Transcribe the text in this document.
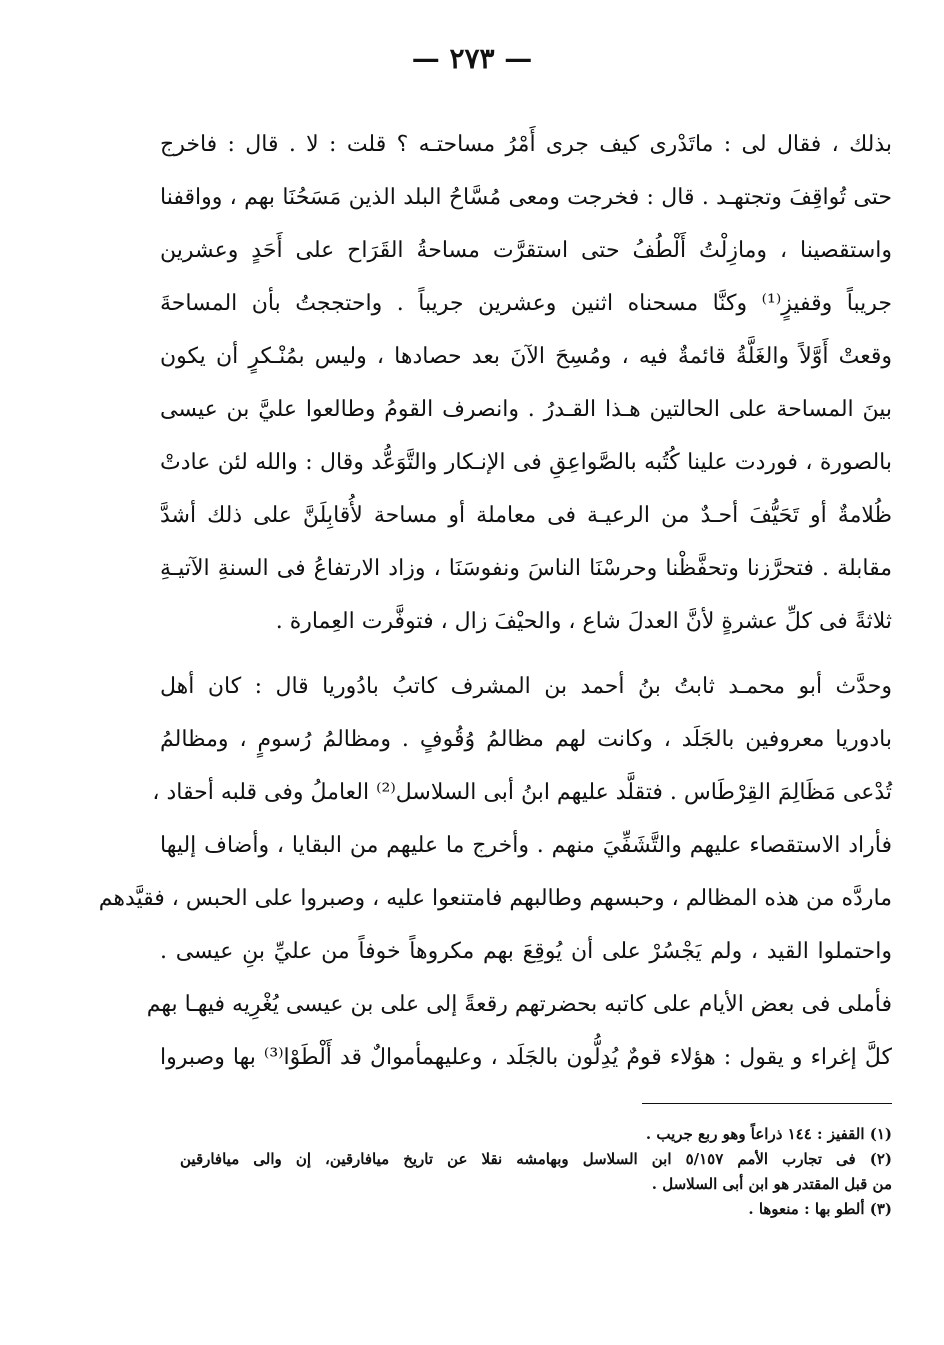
— ٢٧٣ —

بذلك ، فقال لى : ماتَدْرى كيف جرى أَمْرُ مساحتـه ؟ قلت : لا . قال : فاخرج
حتى تُواقِفَ وتجتهـد . قال : فخرجت ومعى مُسَّاحُ البلد الذين مَسَحُنَا بهم ، وواقفنا
واستقصينا ، ومازِلْتُ أَلْطُفُ حتى استقرَّت مساحةُ القَرَاح على أَحَدٍ وعشرين
جريباً وقفيزٍ⁽¹⁾ وكنَّا مسحناه اثنين وعشرين جريباً . واحتججتُ بأن المساحةَ
وقعتْ أَوَّلاً والغَلَّةُ قائمةٌ فيه ، ومُسِحَ الآنَ بعد حصادها ، وليس بمُنْـكرٍ أن يكون
بينَ المساحة على الحالتين هـذا القـدرُ . وانصرف القومُ وطالعوا عليَّ بن عيسى
بالصورة ، فوردت علينا كُتُبه بالصَّواعِقِ فى الإنـكار والتَّوَعُّد وقال : والله لئن عادتْ
ظُلامةٌ أو تَحَيُّفَ أحـدٌ من الرعيـة فى معاملة أو مساحة لأُقابِلَنَّ على ذلك أشدَّ
مقابلة . فتحرَّزنا وتحفَّظْنا وحرسْنَا الناسَ ونفوسَنَا ، وزاد الارتفاعُ فى السنةِ الآتيـةِ
ثلاثةً فى كلِّ عشرةٍ لأنَّ العدلَ شاع ، والحيْفَ زال ، فتوفَّرت العِمارة .

وحدَّث أبو محمـد ثابتُ بنُ أحمد بن المشرف كاتبُ بادُوريا قال : كان أهل
بادوريا معروفين بالجَلَد ، وكانت لهم مظالمُ وُقُوفٍ . ومظالمُ رُسومٍ ، ومظالمُ
تُدْعى مَظَالِمَ القِرْطَاس . فتقلَّد عليهم ابنُ أبى السلاسل⁽²⁾ العاملُ وفى قلبه أحقاد ،
فأراد الاستقصاء عليهم والتَّشَفِّيَ منهم . وأخرج ما عليهم من البقايا ، وأضاف إليها
ماردَّه من هذه المظالم ، وحبسهم وطالبهم فامتنعوا عليه ، وصبروا على الحبس ، فقيَّدهم
واحتملوا القيد ، ولم يَجْسُرْ على أن يُوقِعَ بهم مكروهاً خوفاً من عليِّ بنِ عيسى .
فأملى فى بعض الأيام على كاتبه بحضرتهم رقعةً إلى على بن عيسى يُغْرِيه فيهـا بهم
كلَّ إغراء و يقول : هؤلاء قومٌ يُدِلُّون بالجَلَد ، وعليهمأموالٌ قد أَلْطَوْا⁽³⁾ بها وصبروا

(١) القفيز : ١٤٤ ذراعاً وهو ربع جريب .
(٢) فى تجارب الأمم ٥/١٥٧ ابن السلاسل وبهامشه نقلا عن تاريخ ميافارقين، إن والى ميافارقين
من قبل المقتدر هو ابن أبى السلاسل .
(٣) ألطو بها : منعوها .
